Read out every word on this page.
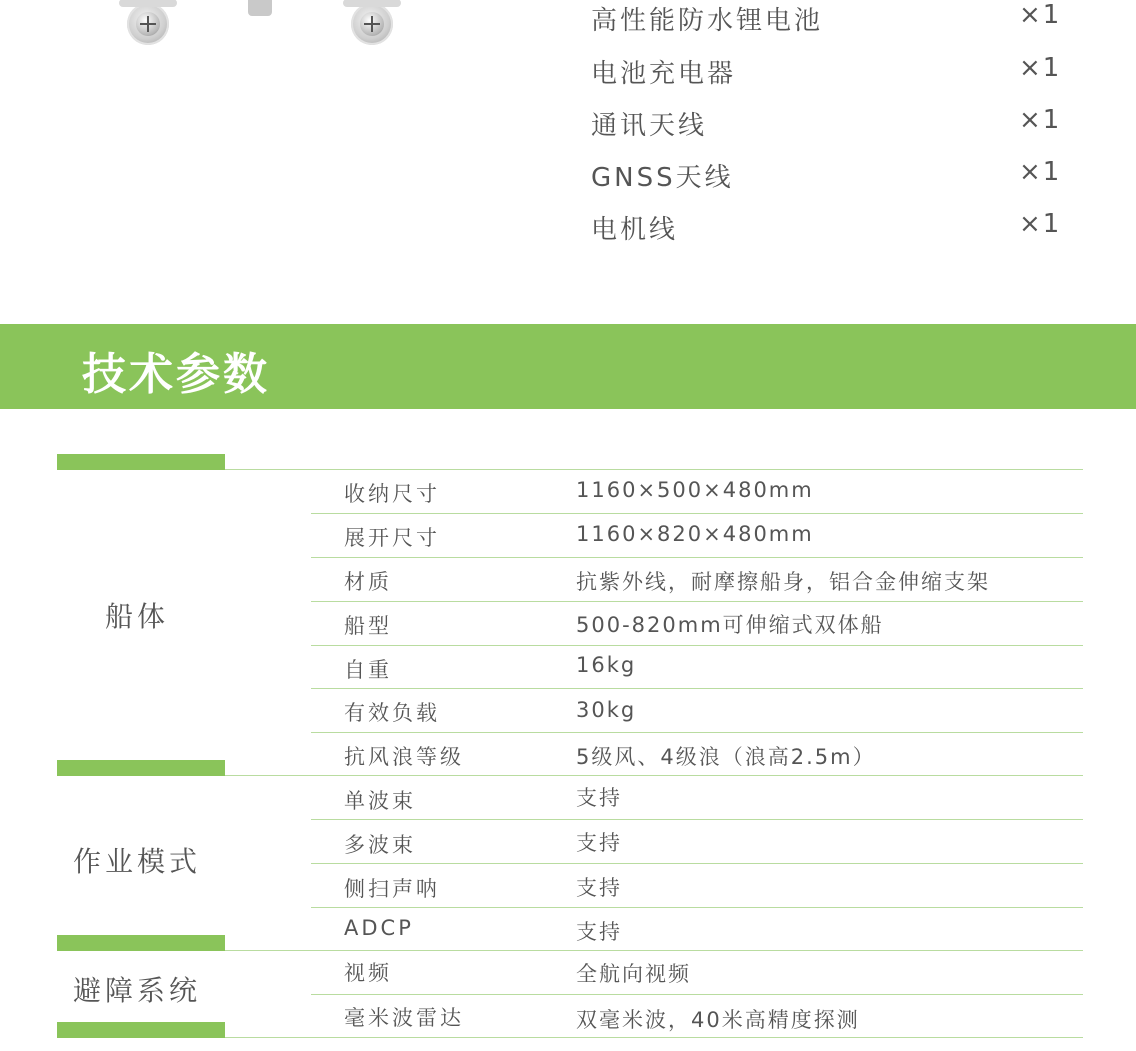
高性能防水锂电池	×1
电池充电器	×1
通讯天线	×1
GNSS天线	×1
电机线	×1
技术参数
船体
作业模式
避障系统
收纳尺寸	1160×500×480mm
展开尺寸	1160×820×480mm
材质	抗紫外线，耐摩擦船身，铝合金伸缩支架
船型	500-820mm可伸缩式双体船
自重	16kg
有效负载	30kg
抗风浪等级	5级风、4级浪（浪高2.5m）
单波束	支持
多波束	支持
侧扫声呐	支持
ADCP	支持
视频	全航向视频
毫米波雷达	双毫米波，40米高精度探测
